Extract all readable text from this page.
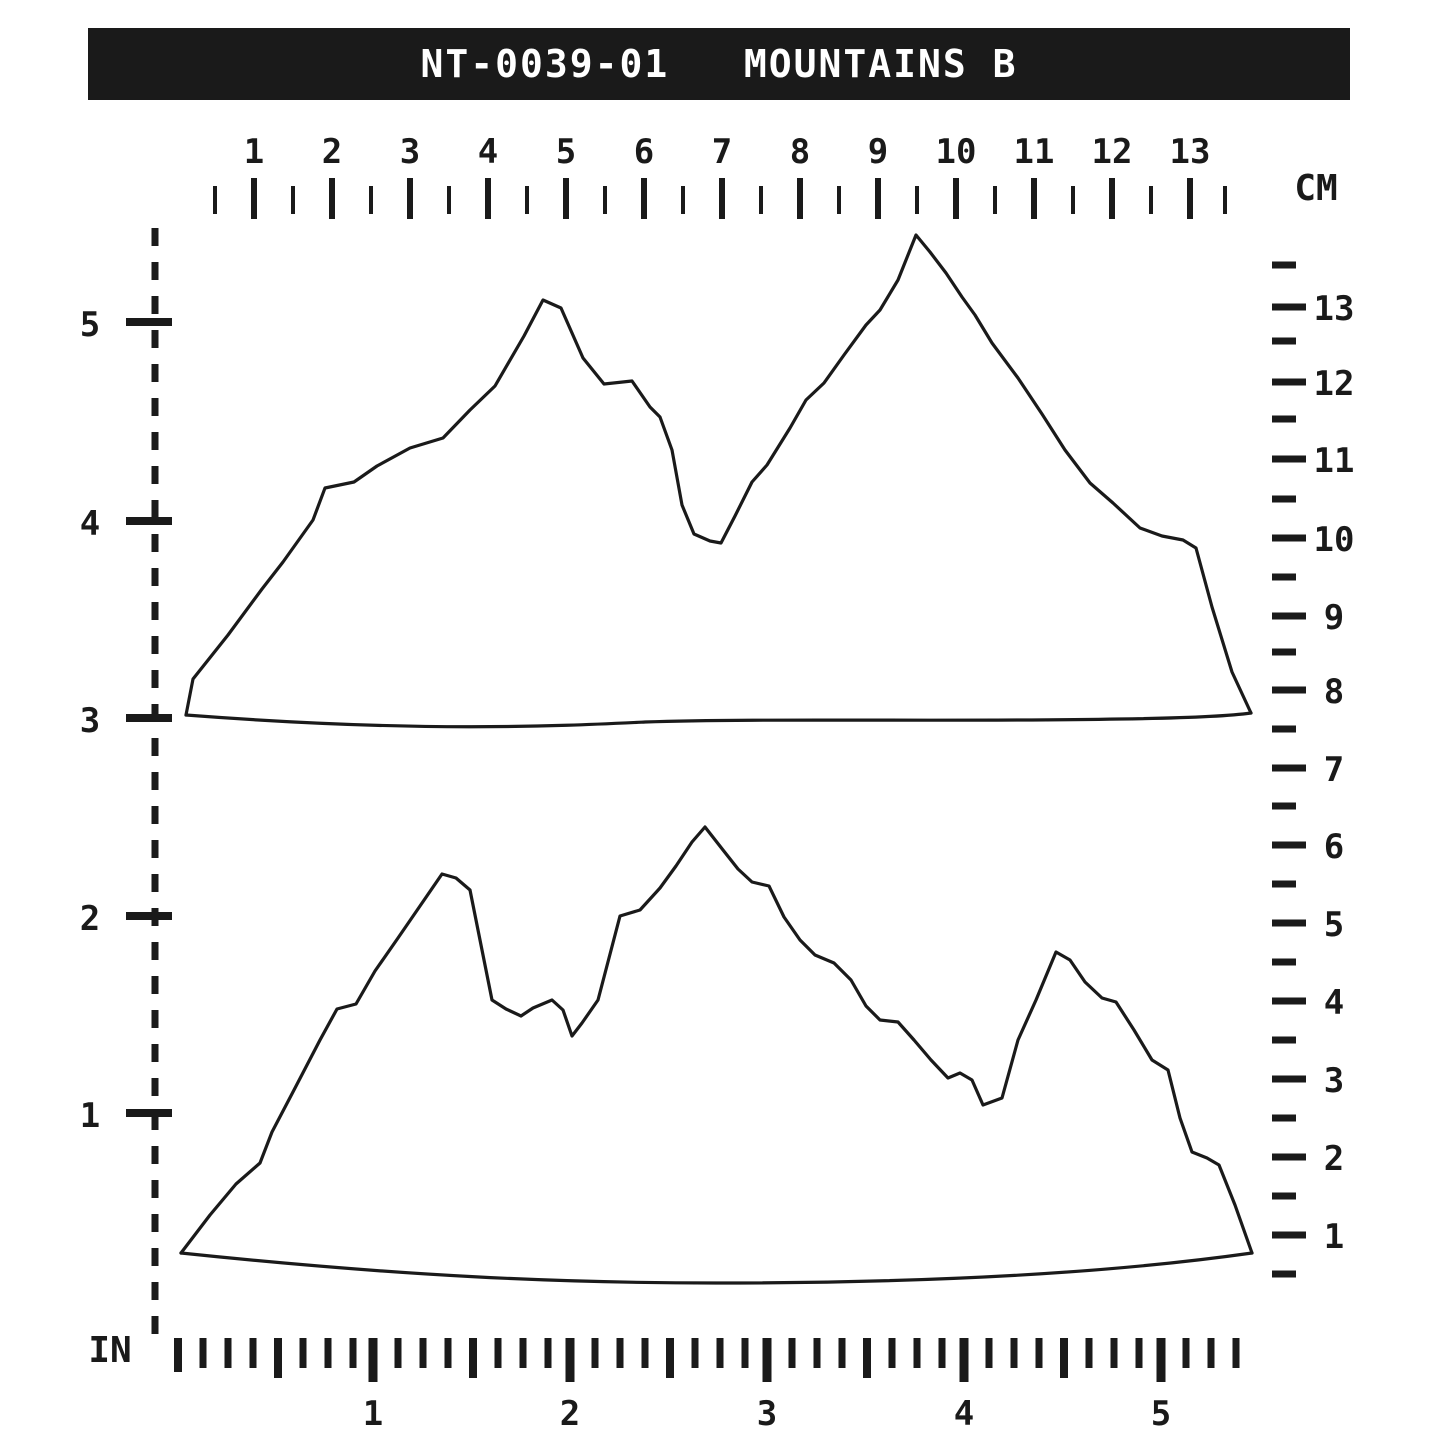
NT-0039-01   MOUNTAINS B
1 2 3 4 5 6 7 8 9 10 11 12 13
CM
5
4
3
2
1
13
12
11
10
9
8
7
6
5
4
3
2
1
IN
1	2	3	4	5
